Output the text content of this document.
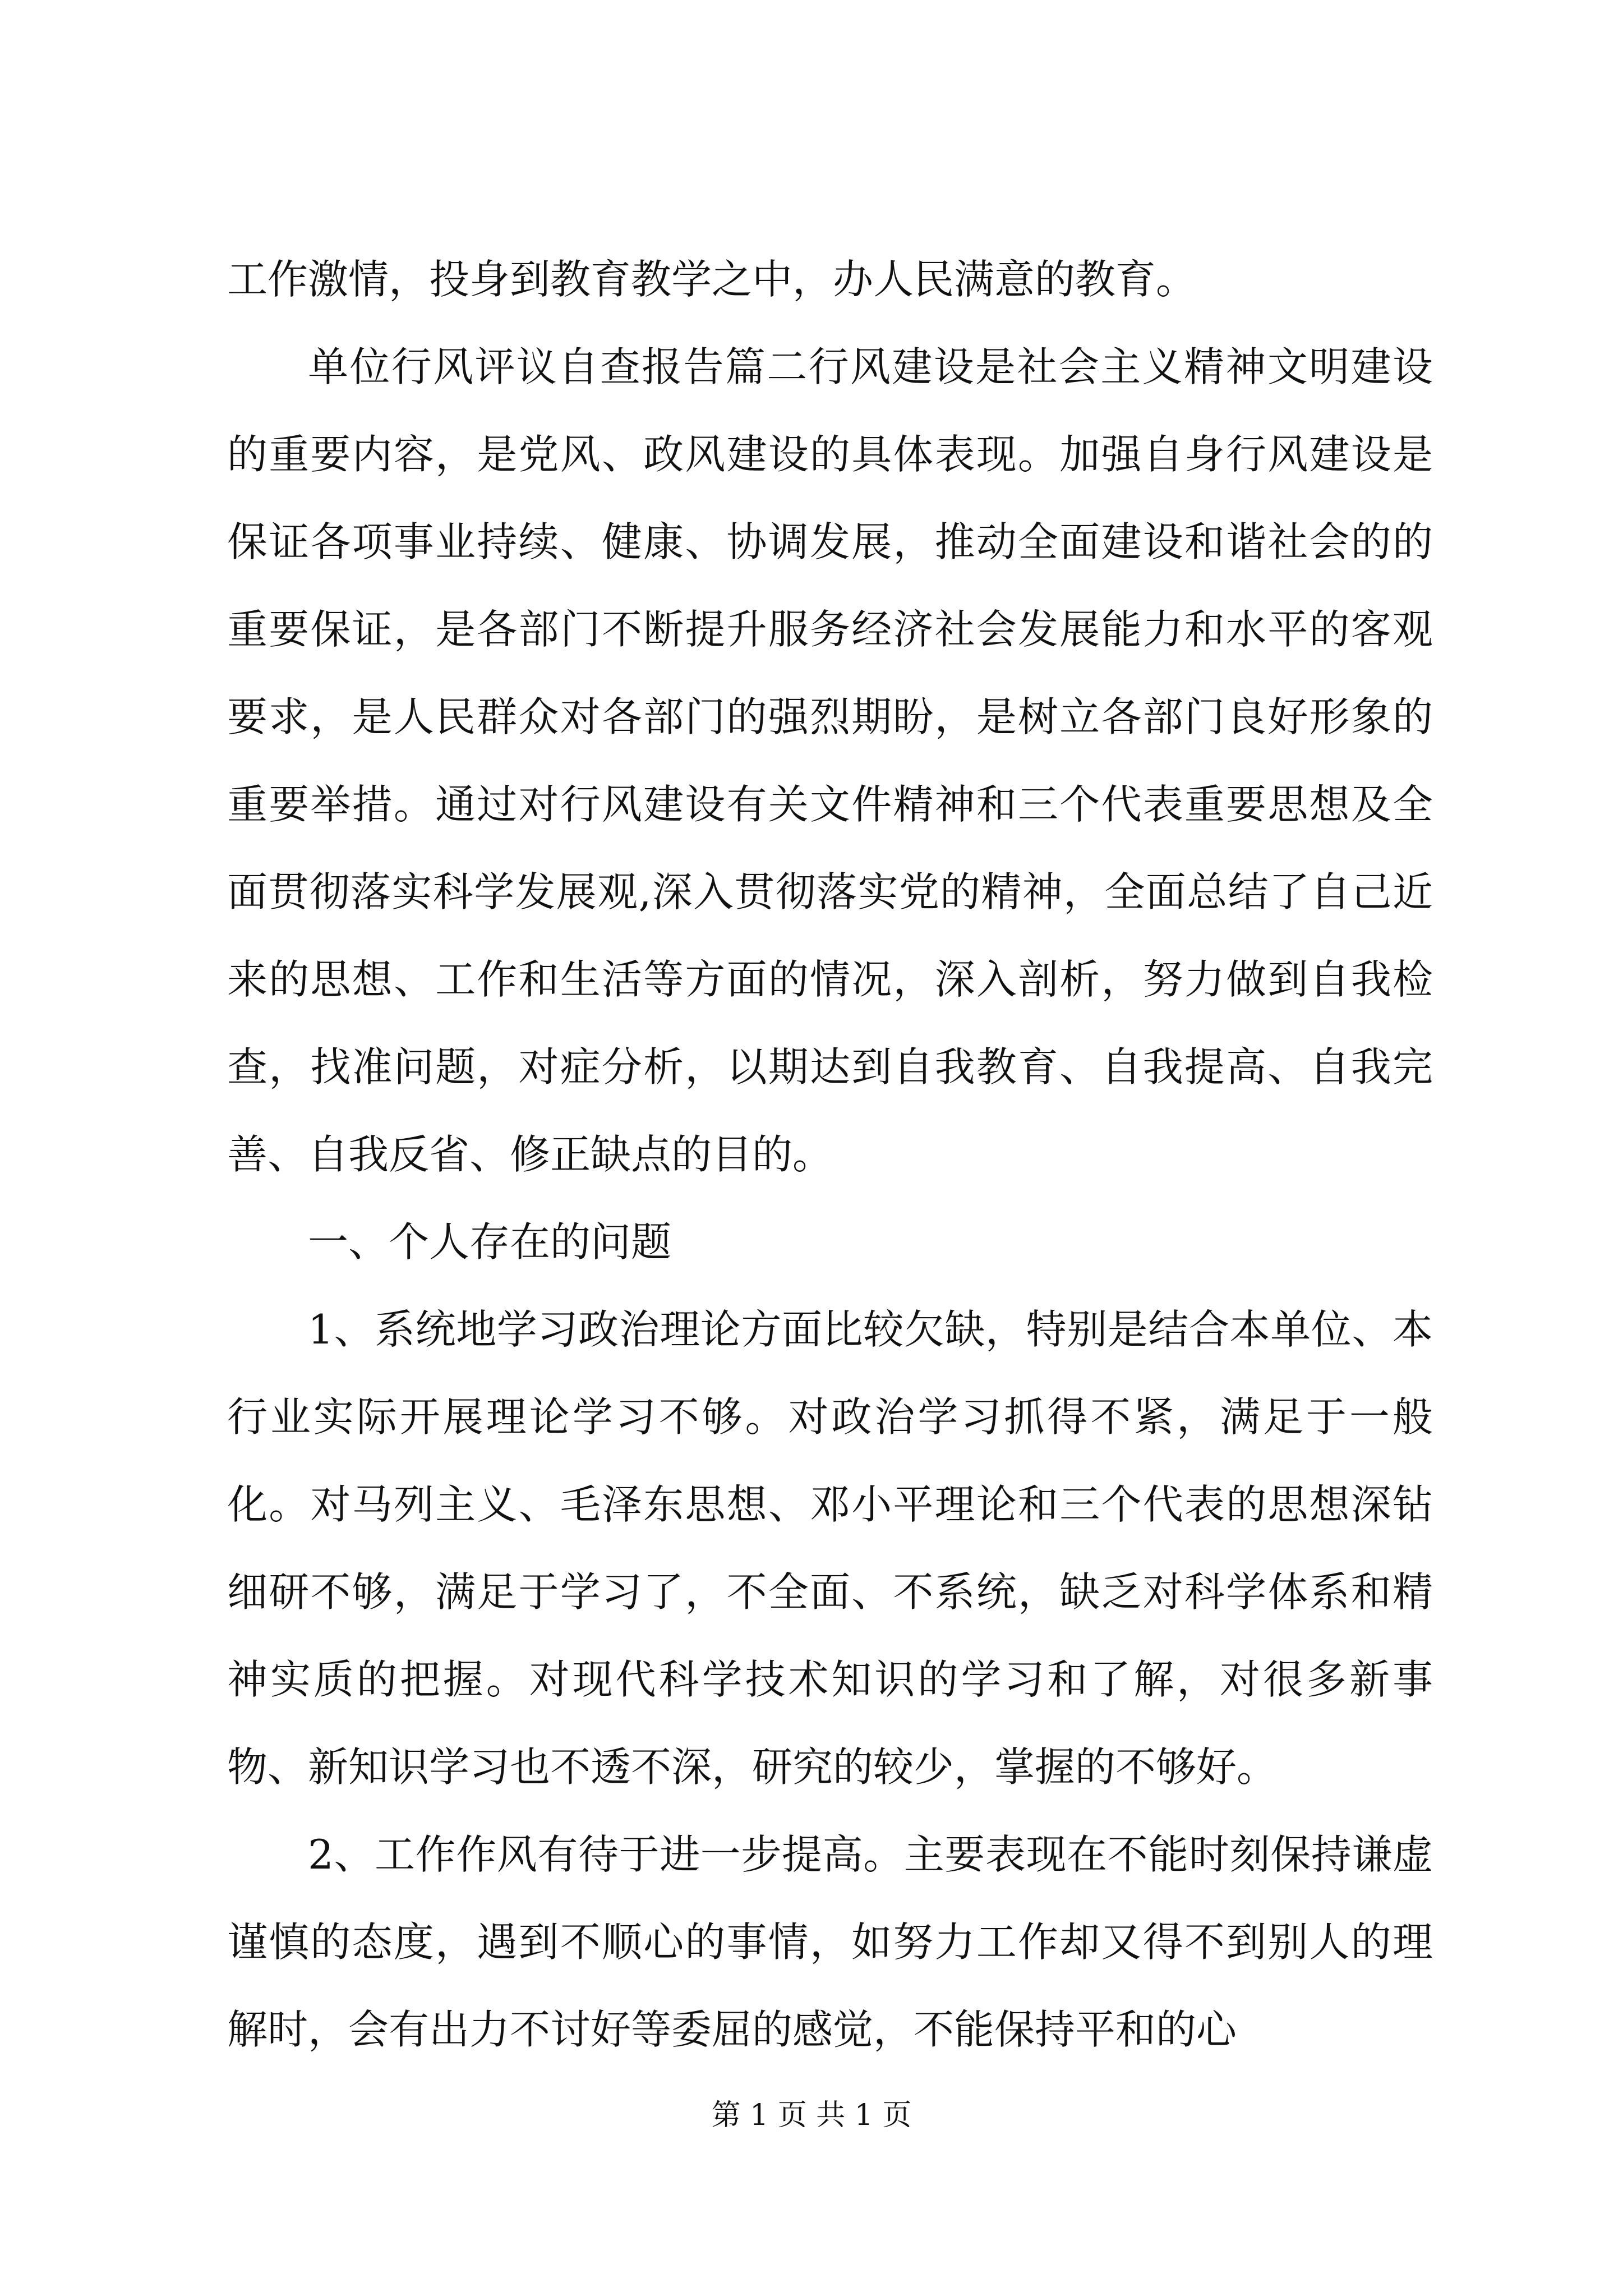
工作激情，投身到教育教学之中，办人民满意的教育。

单位行风评议自查报告篇二行风建设是社会主义精神文明建设的重要内容，是党风、政风建设的具体表现。加强自身行风建设是保证各项事业持续、健康、协调发展，推动全面建设和谐社会的的重要保证，是各部门不断提升服务经济社会发展能力和水平的客观要求，是人民群众对各部门的强烈期盼，是树立各部门良好形象的重要举措。通过对行风建设有关文件精神和三个代表重要思想及全面贯彻落实科学发展观,深入贯彻落实党的精神，全面总结了自己近来的思想、工作和生活等方面的情况，深入剖析，努力做到自我检查，找准问题，对症分析，以期达到自我教育、自我提高、自我完善、自我反省、修正缺点的目的。

一、个人存在的问题

1、系统地学习政治理论方面比较欠缺，特别是结合本单位、本行业实际开展理论学习不够。对政治学习抓得不紧，满足于一般化。对马列主义、毛泽东思想、邓小平理论和三个代表的思想深钻细研不够，满足于学习了，不全面、不系统，缺乏对科学体系和精神实质的把握。对现代科学技术知识的学习和了解，对很多新事物、新知识学习也不透不深，研究的较少，掌握的不够好。

2、工作作风有待于进一步提高。主要表现在不能时刻保持谦虚谨慎的态度，遇到不顺心的事情，如努力工作却又得不到别人的理解时，会有出力不讨好等委屈的感觉，不能保持平和的心

第 1 页 共 1 页
